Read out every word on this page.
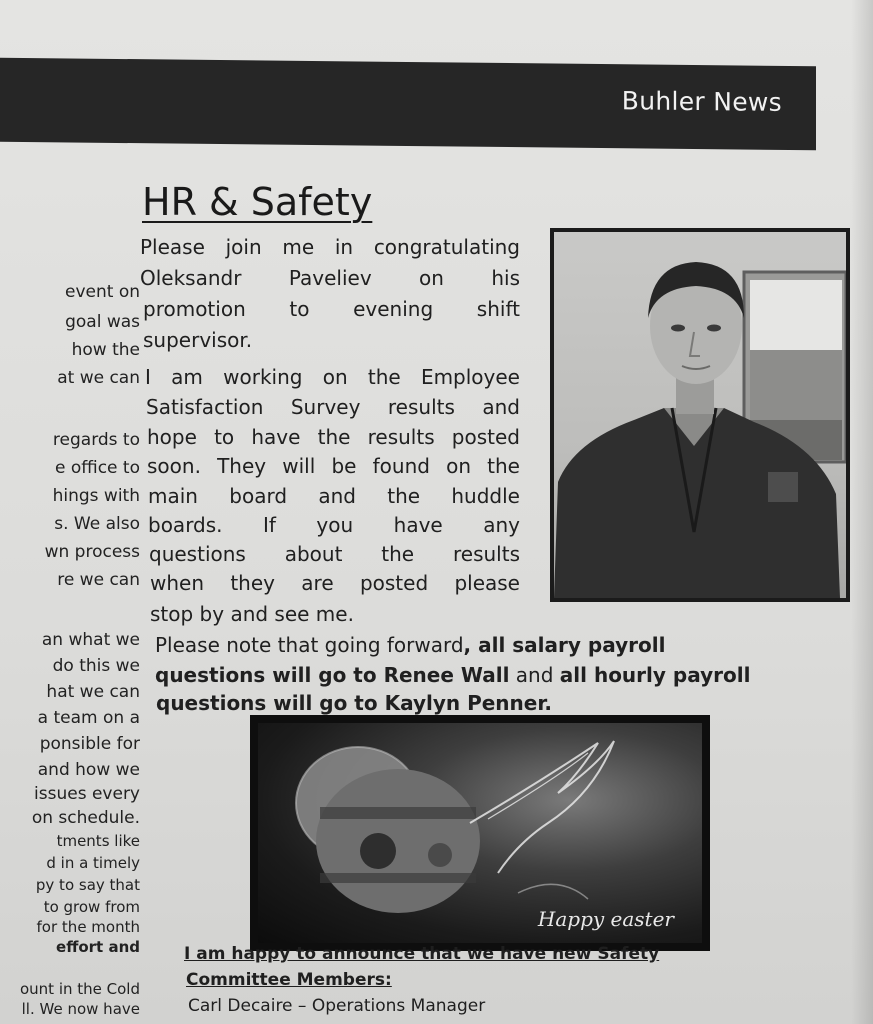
Buhler News
HR & Safety
event on
goal was
how the
at we can
regards to
e office to
hings with
s. We also
wn process
re we can
an what we
do this we
hat we can
a team on a
ponsible for
and how we
issues every
on schedule.
tments like
d in a timely
py to say that
to grow from
for the month
effort and
ount in the Cold
ll. We now have
Please join me in congratulating
Oleksandr Paveliev on his
promotion to evening shift
supervisor.
I am working on the Employee
Satisfaction Survey results and
hope to have the results posted
soon. They will be found on the
main board and the huddle
boards. If you have any
questions about the results
when they are posted please
stop by and see me.
Please note that going forward, all salary payroll
questions will go to Renee Wall and all hourly payroll
questions will go to Kaylyn Penner.
Happy easter
I am happy to announce that we have new Safety
Committee Members:
Carl Decaire – Operations Manager
